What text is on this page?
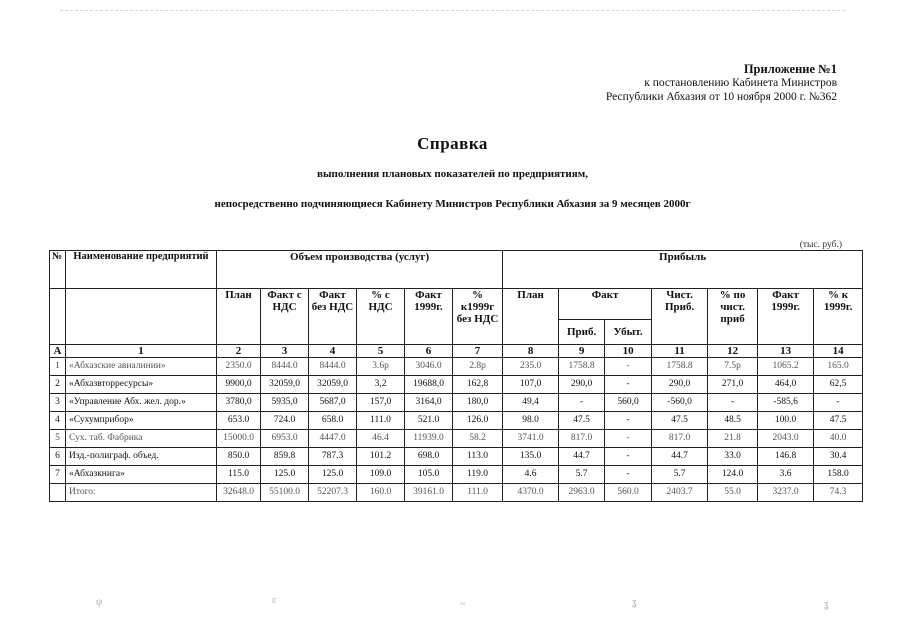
Приложение №1
к постановлению Кабинета Министров
Республики Абхазия от 10 ноября 2000 г. №362
Справка
выполнения плановых показателей по предприятиям,
непосредственно подчиняющиеся Кабинету Министров Республики Абхазия за 9 месяцев 2000г
(тыс. руб.)
№	Наименование предприятий	Объем производства (услуг)						Прибыль						
		План	Факт с НДС	Факт без НДС	% с НДС	Факт 1999г.	% к1999г без НДС	План	Факт		Чист. Приб.	% по чист. приб	Факт 1999г.	% к 1999г.
									Приб.	Убыт.				
А	1	2	3	4	5	6	7	8	9	10	11	12	13	14
1	«Абхазские авиалинии»	2350.0	8444.0	8444.0	3.6р	3046.0	2.8р	235.0	1758.8	-	1758.8	7.5р	1065.2	165.0
2	«Абхазвторресурсы»	9900,0	32059,0	32059,0	3,2	19688,0	162,8	107,0	290,0	-	290,0	271,0	464,0	62,5
3	«Управление Абх. жел. дор.»	3780,0	5935,0	5687,0	157,0	3164,0	180,0	49,4	-	560,0	-560,0	-	-585,6	-
4	«Сухумприбор»	653.0	724.0	658.0	111.0	521.0	126.0	98.0	47.5	-	47.5	48.5	100.0	47.5
5	Сух. таб. Фабрика	15000.0	6953.0	4447.0	46.4	11939.0	58.2	3741.0	817.0	-	817.0	21.8	2043.0	40.0
6	Изд.-полиграф. объед.	850.0	859.8	787.3	101.2	698.0	113.0	135.0	44.7	-	44.7	33.0	146.8	30.4
7	«Абхазкнига»	115.0	125.0	125.0	109.0	105.0	119.0	4.6	5.7	-	5.7	124.0	3.6	158.0
	Итого:	32648.0	55100.0	52207.3	160.0	39161.0	111.0	4370.0	2963.0	560.0	2403.7	55.0	3237.0	74.3
ψ	ε	~	ʓ	ʓ
